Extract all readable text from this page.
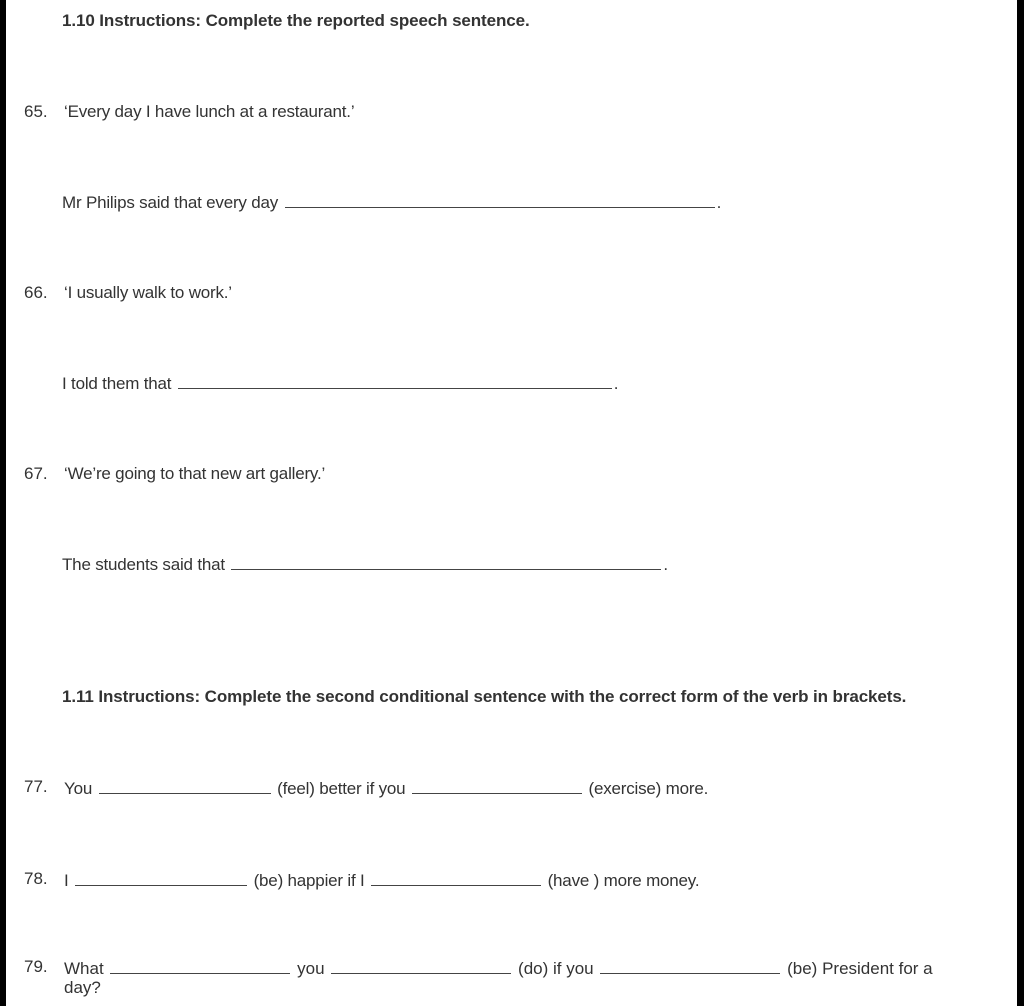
1.10 Instructions: Complete the reported speech sentence.
65. ‘Every day I have lunch at a restaurant.’
Mr Philips said that every day	.
66. ‘I usually walk to work.’
I told them that	.
67. ‘We’re going to that new art gallery.’
The students said that	.
1.11 Instructions: Complete the second conditional sentence with the correct form of the verb in brackets.
77. You	(feel) better if you	(exercise) more.
78. I	(be) happier if I	(have ) more money.
79. What	you	(do) if you	(be) President for a
day?
